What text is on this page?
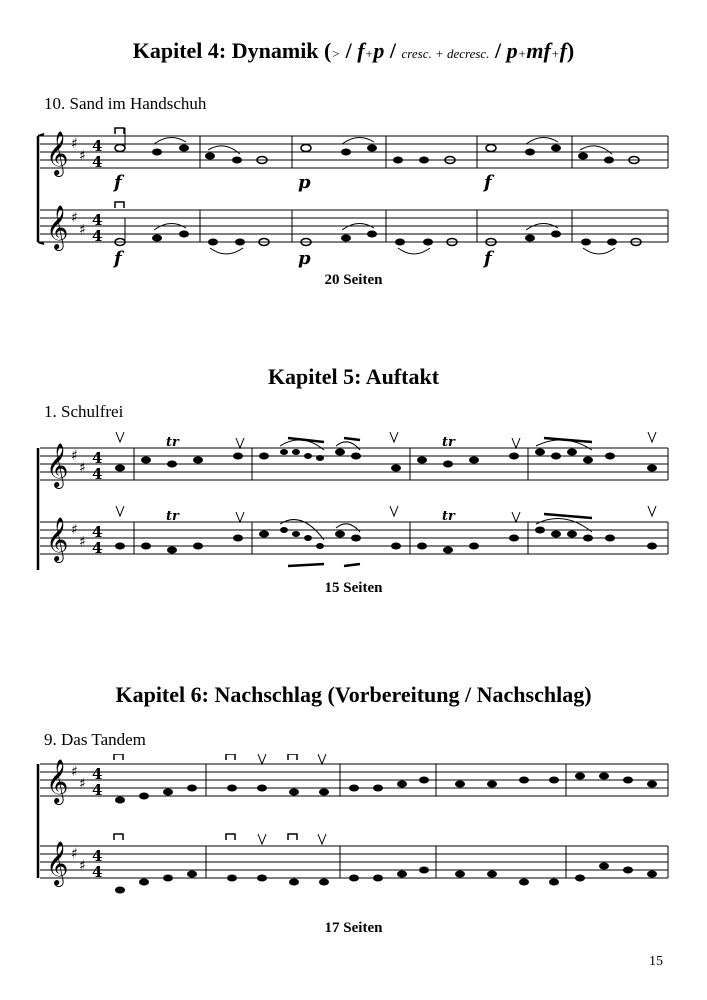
Kapitel 4: Dynamik (> / f+p / cresc. + decresc. / p+mf+f)

10. Sand im Handschuh

𝄞
𝄞
♯
♯
♯
♯
4
4
4
4
f	p	f
f	p	f
20 Seiten
Kapitel 5: Auftakt

1. Schulfrei

𝄞
𝄞
♯
♯
♯
♯
4
4
4
4
tr	tr
tr	tr
15 Seiten
Kapitel 6: Nachschlag (Vorbereitung / Nachschlag)

9. Das Tandem

𝄞
𝄞
♯
♯
♯
♯
4
4
4
4
17 Seiten
15
